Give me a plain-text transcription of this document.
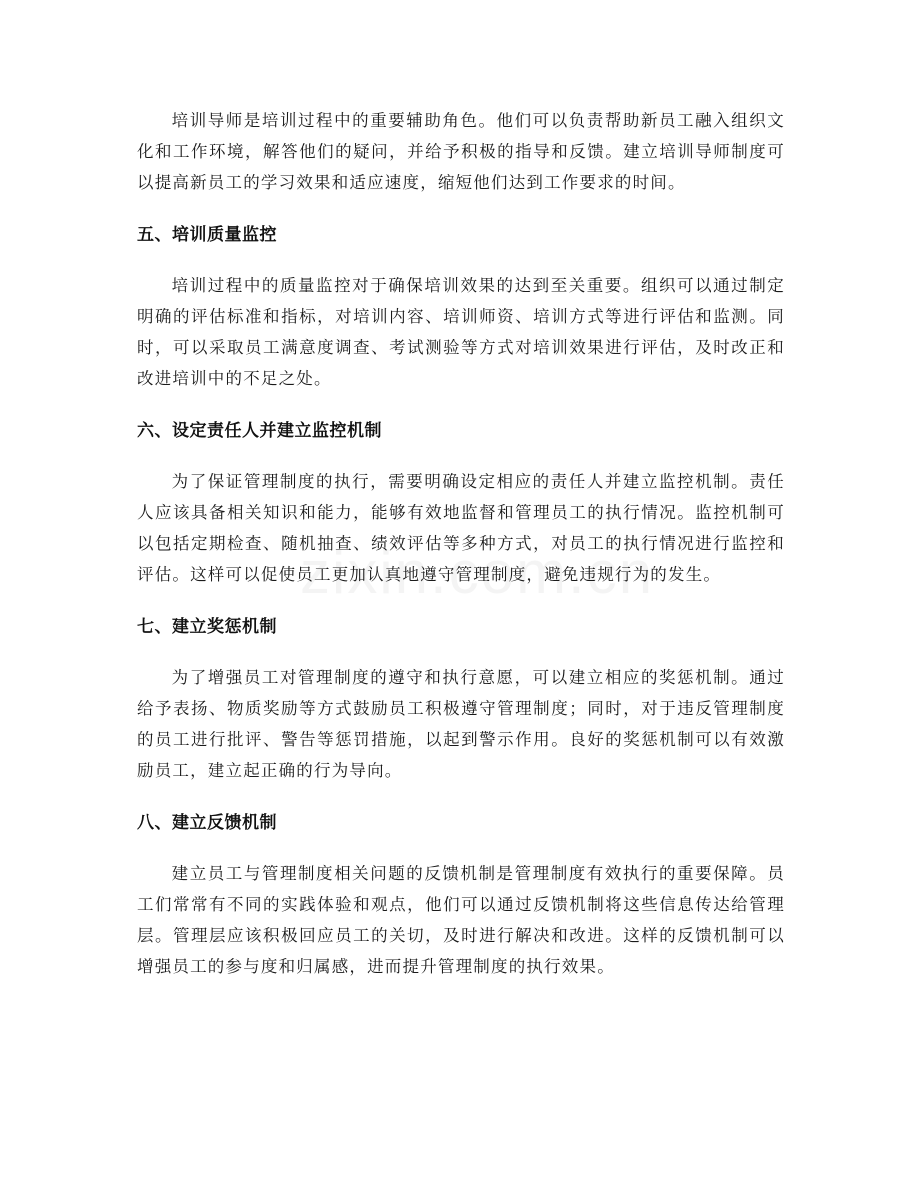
培训导师是培训过程中的重要辅助角色。他们可以负责帮助新员工融入组织文化和工作环境，解答他们的疑问，并给予积极的指导和反馈。建立培训导师制度可以提高新员工的学习效果和适应速度，缩短他们达到工作要求的时间。

五、培训质量监控

培训过程中的质量监控对于确保培训效果的达到至关重要。组织可以通过制定明确的评估标准和指标，对培训内容、培训师资、培训方式等进行评估和监测。同时，可以采取员工满意度调查、考试测验等方式对培训效果进行评估，及时改正和改进培训中的不足之处。

六、设定责任人并建立监控机制

为了保证管理制度的执行，需要明确设定相应的责任人并建立监控机制。责任人应该具备相关知识和能力，能够有效地监督和管理员工的执行情况。监控机制可以包括定期检查、随机抽查、绩效评估等多种方式，对员工的执行情况进行监控和评估。这样可以促使员工更加认真地遵守管理制度，避免违规行为的发生。

七、建立奖惩机制

为了增强员工对管理制度的遵守和执行意愿，可以建立相应的奖惩机制。通过给予表扬、物质奖励等方式鼓励员工积极遵守管理制度；同时，对于违反管理制度的员工进行批评、警告等惩罚措施，以起到警示作用。良好的奖惩机制可以有效激励员工，建立起正确的行为导向。

八、建立反馈机制

建立员工与管理制度相关问题的反馈机制是管理制度有效执行的重要保障。员工们常常有不同的实践体验和观点，他们可以通过反馈机制将这些信息传达给管理层。管理层应该积极回应员工的关切，及时进行解决和改进。这样的反馈机制可以增强员工的参与度和归属感，进而提升管理制度的执行效果。
